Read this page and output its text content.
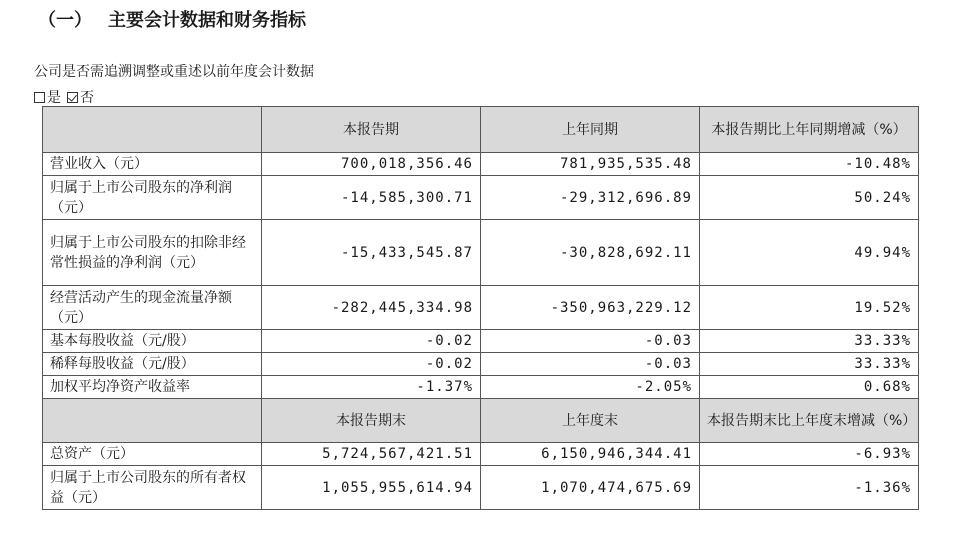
（一） 主要会计数据和财务指标
公司是否需追溯调整或重述以前年度会计数据
是 否
	本报告期	上年同期	本报告期比上年同期增减（%）
营业收入（元）	700,018,356.46	781,935,535.48	-10.48%
归属于上市公司股东的净利润（元）	-14,585,300.71	-29,312,696.89	50.24%
归属于上市公司股东的扣除非经常性损益的净利润（元）	-15,433,545.87	-30,828,692.11	49.94%
经营活动产生的现金流量净额（元）	-282,445,334.98	-350,963,229.12	19.52%
基本每股收益（元/股）	-0.02	-0.03	33.33%
稀释每股收益（元/股）	-0.02	-0.03	33.33%
加权平均净资产收益率	-1.37%	-2.05%	0.68%
	本报告期末	上年度末	本报告期末比上年度末增减（%）
总资产（元）	5,724,567,421.51	6,150,946,344.41	-6.93%
归属于上市公司股东的所有者权益（元）	1,055,955,614.94	1,070,474,675.69	-1.36%
